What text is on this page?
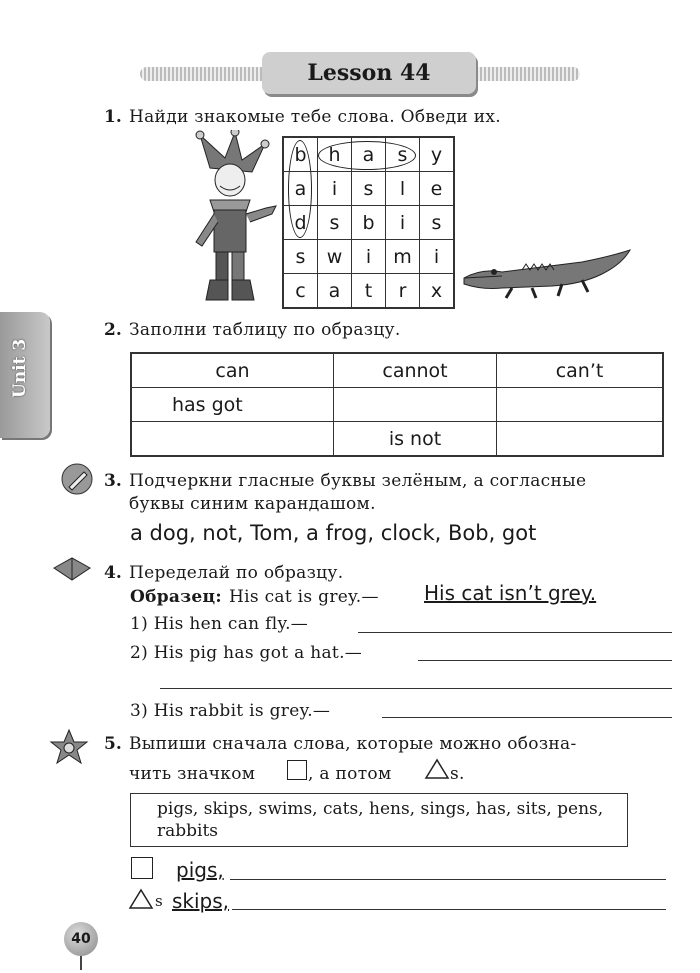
Lesson 44
Unit 3
1. Найди знакомые тебе слова. Обведи их.
b	h	a	s	y
a	i	s	l	e
d	s	b	i	s
s	w	i	m	i
c	a	t	r	x
2. Заполни таблицу по образцу.
can	cannot	can’t
has got		
	is not	
3. Подчеркни гласные буквы зелёным, а согласные
буквы синим карандашом.
a dog, not, Tom, a frog, clock, Bob, got
4. Переделай по образцу.
Образец: His cat is grey.— His cat isn’t grey.
1) His hen can fly.—
2) His pig has got a hat.—
3) His rabbit is grey.—
5. Выпиши сначала слова, которые можно обозна-
чить значком	, а потом	s.
pigs, skips, swims, cats, hens, sings, has, sits, pens, rabbits
pigs,
s skips,
40
